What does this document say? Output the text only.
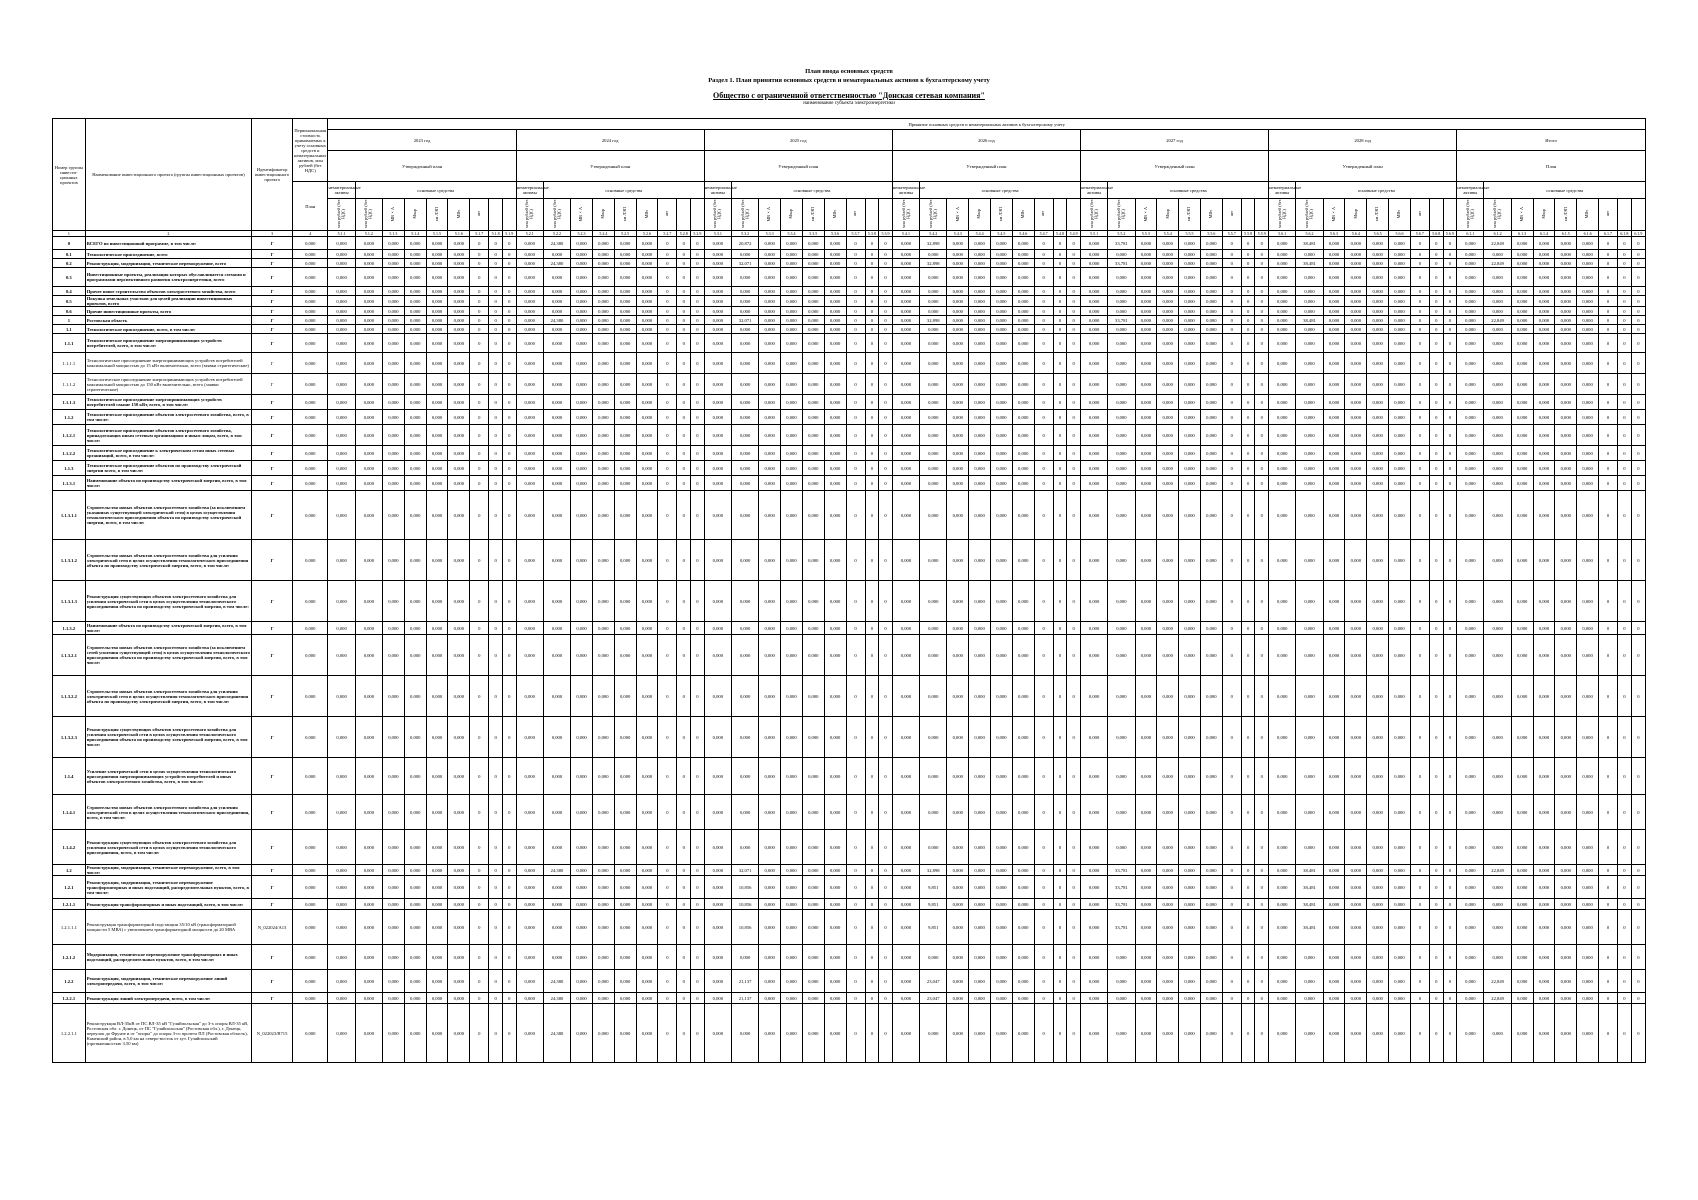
План ввода основных средств
Раздел 1. План принятия основных средств и нематериальных активов к бухгалтерскому учету
Общество с ограниченной ответственностью "Донская сетевая компания"
наименование субъекта электроэнергетики
Номер группы инвести-ционных проектов	Наименование инвестиционного проекта (группы инвестиционных проектов)	Идентификатор инвестиционного проекта	Первоначальная стоимость принимаемых к учету основных средств и нематериальных активов, млн рублей (без НДС)	Принятие основных средств и нематериальных активов к бухгалтерскому учету
2023 год	2024 год	2025 год	2026 год	2027 год	2028 год	Итого
Утвержденный план	Утвержденный план	Утвержденный план	Утвержденный план	Утвержденный план	Утвержденный план	План
План	нематериальные активы	основные средства	нематериальные активы	основные средства	нематериальные активы	основные средства	нематериальные активы	основные средства	нематериальные активы	основные средства	нематериальные активы	основные средства	нематериальные активы	основные средства
млн рублей (без НДС)	млн рублей (без НДС)	МВ×А	Мвар	км ЛЭП	МВт	шт			млн рублей (без НДС)	млн рублей (без НДС)	МВ×А	Мвар	км ЛЭП	МВт	шт			млн рублей (без НДС)	млн рублей (без НДС)	МВ×А	Мвар	км ЛЭП	МВт	шт			млн рублей (без НДС)	млн рублей (без НДС)	МВ×А	Мвар	км ЛЭП	МВт	шт			млн рублей (без НДС)	млн рублей (без НДС)	МВ×А	Мвар	км ЛЭП	МВт	шт			млн рублей (без НДС)	млн рублей (без НДС)	МВ×А	Мвар	км ЛЭП	МВт	шт			млн рублей (без НДС)	млн рублей (без НДС)	МВ×А	Мвар	км ЛЭП	МВт	шт		
1	2	3	4	5.1.1	5.1.2	5.1.3	5.1.4	5.1.5	5.1.6	5.1.7	5.1.8	5.1.9	5.2.1	5.2.2	5.2.3	5.2.4	5.2.5	5.2.6	5.2.7	5.2.8	5.2.9	5.3.1	5.3.2	5.3.3	5.3.4	5.3.5	5.3.6	5.3.7	5.3.8	5.3.9	5.4.1	5.4.2	5.4.3	5.4.4	5.4.5	5.4.6	5.4.7	5.4.8	5.4.9	5.5.1	5.5.2	5.5.3	5.5.4	5.5.5	5.5.6	5.5.7	5.5.8	5.5.9	5.6.1	5.6.2	5.6.3	5.6.4	5.6.5	5.6.6	5.6.7	5.6.8	5.6.9	6.1.1	6.1.2	6.1.3	6.1.4	6.1.5	6.1.6	6.1.7	6.1.8	6.1.9
0	ВСЕГО по инвестиционной программе, в том числе:	Г	0,000	0,000	0,000	0,000	0,000	0,000	0,000	0	0	0	0,000	24,380	0,000	0,000	0,000	0,000	0	0	0	0,000	20,872	0,000	0,000	0,000	0,000	0	0	0	0,000	32,898	0,000	0,000	0,000	0,000	0	0	0	0,000	33,781	0,000	0,000	0,000	0,000	0	0	0	0,000	38,481	0,000	0,000	0,000	0,000	0	0	0	0,000	22,849	0,000	0,000	0,000	0,000	0	0	0
0.1	Технологическое присоединение, всего	Г	0,000	0,000	0,000	0,000	0,000	0,000	0,000	0	0	0	0,000	0,000	0,000	0,000	0,000	0,000	0	0	0	0,000	0,000	0,000	0,000	0,000	0,000	0	0	0	0,000	0,000	0,000	0,000	0,000	0,000	0	0	0	0,000	0,000	0,000	0,000	0,000	0,000	0	0	0	0,000	0,000	0,000	0,000	0,000	0,000	0	0	0	0,000	0,000	0,000	0,000	0,000	0,000	0	0	0
0.2	Реконструкция, модернизация, техническое перевооружение, всего	Г	0,000	0,000	0,000	0,000	0,000	0,000	0,000	0	0	0	0,000	24,380	0,000	0,000	0,000	0,000	0	0	0	0,000	32,071	0,000	0,000	0,000	0,000	0	0	0	0,000	32,898	0,000	0,000	0,000	0,000	0	0	0	0,000	33,781	0,000	0,000	0,000	0,000	0	0	0	0,000	38,481	0,000	0,000	0,000	0,000	0	0	0	0,000	22,849	0,000	0,000	0,000	0,000	0	0	0
0.3	Инвестиционные проекты, реализация которых обуславливается схемами и программами перспективного развития электроэнергетики, всего	Г	0,000	0,000	0,000	0,000	0,000	0,000	0,000	0	0	0	0,000	0,000	0,000	0,000	0,000	0,000	0	0	0	0,000	0,000	0,000	0,000	0,000	0,000	0	0	0	0,000	0,000	0,000	0,000	0,000	0,000	0	0	0	0,000	0,000	0,000	0,000	0,000	0,000	0	0	0	0,000	0,000	0,000	0,000	0,000	0,000	0	0	0	0,000	0,000	0,000	0,000	0,000	0,000	0	0	0
0.4	Прочее новое строительство объектов электросетевого хозяйства, всего	Г	0,000	0,000	0,000	0,000	0,000	0,000	0,000	0	0	0	0,000	0,000	0,000	0,000	0,000	0,000	0	0	0	0,000	0,000	0,000	0,000	0,000	0,000	0	0	0	0,000	0,000	0,000	0,000	0,000	0,000	0	0	0	0,000	0,000	0,000	0,000	0,000	0,000	0	0	0	0,000	0,000	0,000	0,000	0,000	0,000	0	0	0	0,000	0,000	0,000	0,000	0,000	0,000	0	0	0
0.5	Покупка земельных участков для целей реализации инвестиционных проектов, всего	Г	0,000	0,000	0,000	0,000	0,000	0,000	0,000	0	0	0	0,000	0,000	0,000	0,000	0,000	0,000	0	0	0	0,000	0,000	0,000	0,000	0,000	0,000	0	0	0	0,000	0,000	0,000	0,000	0,000	0,000	0	0	0	0,000	0,000	0,000	0,000	0,000	0,000	0	0	0	0,000	0,000	0,000	0,000	0,000	0,000	0	0	0	0,000	0,000	0,000	0,000	0,000	0,000	0	0	0
0.6	Прочие инвестиционные проекты, всего	Г	0,000	0,000	0,000	0,000	0,000	0,000	0,000	0	0	0	0,000	0,000	0,000	0,000	0,000	0,000	0	0	0	0,000	0,000	0,000	0,000	0,000	0,000	0	0	0	0,000	0,000	0,000	0,000	0,000	0,000	0	0	0	0,000	0,000	0,000	0,000	0,000	0,000	0	0	0	0,000	0,000	0,000	0,000	0,000	0,000	0	0	0	0,000	0,000	0,000	0,000	0,000	0,000	0	0	0
1	Ростовская область	Г	0,000	0,000	0,000	0,000	0,000	0,000	0,000	0	0	0	0,000	24,380	0,000	0,000	0,000	0,000	0	0	0	0,000	32,071	0,000	0,000	0,000	0,000	0	0	0	0,000	32,898	0,000	0,000	0,000	0,000	0	0	0	0,000	33,781	0,000	0,000	0,000	0,000	0	0	0	0,000	38,481	0,000	0,000	0,000	0,000	0	0	0	0,000	22,849	0,000	0,000	0,000	0,000	0	0	0
1.1	Технологическое присоединение, всего, в том числе:	Г	0,000	0,000	0,000	0,000	0,000	0,000	0,000	0	0	0	0,000	0,000	0,000	0,000	0,000	0,000	0	0	0	0,000	0,000	0,000	0,000	0,000	0,000	0	0	0	0,000	0,000	0,000	0,000	0,000	0,000	0	0	0	0,000	0,000	0,000	0,000	0,000	0,000	0	0	0	0,000	0,000	0,000	0,000	0,000	0,000	0	0	0	0,000	0,000	0,000	0,000	0,000	0,000	0	0	0
1.1.1	Технологическое присоединение энергопринимающих устройств потребителей, всего, в том числе:	Г	0,000	0,000	0,000	0,000	0,000	0,000	0,000	0	0	0	0,000	0,000	0,000	0,000	0,000	0,000	0	0	0	0,000	0,000	0,000	0,000	0,000	0,000	0	0	0	0,000	0,000	0,000	0,000	0,000	0,000	0	0	0	0,000	0,000	0,000	0,000	0,000	0,000	0	0	0	0,000	0,000	0,000	0,000	0,000	0,000	0	0	0	0,000	0,000	0,000	0,000	0,000	0,000	0	0	0
1.1.1.1	Технологическое присоединение энергопринимающих устройств потребителей максимальной мощностью до 15 кВт включительно, всего (заявки стратегические)	Г	0,000	0,000	0,000	0,000	0,000	0,000	0,000	0	0	0	0,000	0,000	0,000	0,000	0,000	0,000	0	0	0	0,000	0,000	0,000	0,000	0,000	0,000	0	0	0	0,000	0,000	0,000	0,000	0,000	0,000	0	0	0	0,000	0,000	0,000	0,000	0,000	0,000	0	0	0	0,000	0,000	0,000	0,000	0,000	0,000	0	0	0	0,000	0,000	0,000	0,000	0,000	0,000	0	0	0
1.1.1.2	Технологическое присоединение энергопринимающих устройств потребителей максимальной мощностью до 150 кВт включительно, всего (заявки стратегические)	Г	0,000	0,000	0,000	0,000	0,000	0,000	0,000	0	0	0	0,000	0,000	0,000	0,000	0,000	0,000	0	0	0	0,000	0,000	0,000	0,000	0,000	0,000	0	0	0	0,000	0,000	0,000	0,000	0,000	0,000	0	0	0	0,000	0,000	0,000	0,000	0,000	0,000	0	0	0	0,000	0,000	0,000	0,000	0,000	0,000	0	0	0	0,000	0,000	0,000	0,000	0,000	0,000	0	0	0
1.1.1.3	Технологическое присоединение энергопринимающих устройств потребителей свыше 150 кВт, всего, в том числе:	Г	0,000	0,000	0,000	0,000	0,000	0,000	0,000	0	0	0	0,000	0,000	0,000	0,000	0,000	0,000	0	0	0	0,000	0,000	0,000	0,000	0,000	0,000	0	0	0	0,000	0,000	0,000	0,000	0,000	0,000	0	0	0	0,000	0,000	0,000	0,000	0,000	0,000	0	0	0	0,000	0,000	0,000	0,000	0,000	0,000	0	0	0	0,000	0,000	0,000	0,000	0,000	0,000	0	0	0
1.1.2	Технологическое присоединение объектов электросетевого хозяйства, всего, в том числе:	Г	0,000	0,000	0,000	0,000	0,000	0,000	0,000	0	0	0	0,000	0,000	0,000	0,000	0,000	0,000	0	0	0	0,000	0,000	0,000	0,000	0,000	0,000	0	0	0	0,000	0,000	0,000	0,000	0,000	0,000	0	0	0	0,000	0,000	0,000	0,000	0,000	0,000	0	0	0	0,000	0,000	0,000	0,000	0,000	0,000	0	0	0	0,000	0,000	0,000	0,000	0,000	0,000	0	0	0
1.1.2.1	Технологическое присоединение объектов электросетевого хозяйства, принадлежащих иным сетевым организациям и иным лицам, всего, в том числе:	Г	0,000	0,000	0,000	0,000	0,000	0,000	0,000	0	0	0	0,000	0,000	0,000	0,000	0,000	0,000	0	0	0	0,000	0,000	0,000	0,000	0,000	0,000	0	0	0	0,000	0,000	0,000	0,000	0,000	0,000	0	0	0	0,000	0,000	0,000	0,000	0,000	0,000	0	0	0	0,000	0,000	0,000	0,000	0,000	0,000	0	0	0	0,000	0,000	0,000	0,000	0,000	0,000	0	0	0
1.1.2.2	Технологическое присоединение к электрическим сетям иных сетевых организаций, всего, в том числе:	Г	0,000	0,000	0,000	0,000	0,000	0,000	0,000	0	0	0	0,000	0,000	0,000	0,000	0,000	0,000	0	0	0	0,000	0,000	0,000	0,000	0,000	0,000	0	0	0	0,000	0,000	0,000	0,000	0,000	0,000	0	0	0	0,000	0,000	0,000	0,000	0,000	0,000	0	0	0	0,000	0,000	0,000	0,000	0,000	0,000	0	0	0	0,000	0,000	0,000	0,000	0,000	0,000	0	0	0
1.1.3	Технологическое присоединение объектов по производству электрической энергии всего, в том числе:	Г	0,000	0,000	0,000	0,000	0,000	0,000	0,000	0	0	0	0,000	0,000	0,000	0,000	0,000	0,000	0	0	0	0,000	0,000	0,000	0,000	0,000	0,000	0	0	0	0,000	0,000	0,000	0,000	0,000	0,000	0	0	0	0,000	0,000	0,000	0,000	0,000	0,000	0	0	0	0,000	0,000	0,000	0,000	0,000	0,000	0	0	0	0,000	0,000	0,000	0,000	0,000	0,000	0	0	0
1.1.3.1	Наименование объекта по производству электрической энергии, всего, в том числе:	Г	0,000	0,000	0,000	0,000	0,000	0,000	0,000	0	0	0	0,000	0,000	0,000	0,000	0,000	0,000	0	0	0	0,000	0,000	0,000	0,000	0,000	0,000	0	0	0	0,000	0,000	0,000	0,000	0,000	0,000	0	0	0	0,000	0,000	0,000	0,000	0,000	0,000	0	0	0	0,000	0,000	0,000	0,000	0,000	0,000	0	0	0	0,000	0,000	0,000	0,000	0,000	0,000	0	0	0
1.1.3.1.1	Строительство новых объектов электросетевого хозяйства (за исключением указанных существующей электрической сети) в целях осуществления технологического присоединения объекта по производству электрической энергии, всего, в том числе:	Г	0,000	0,000	0,000	0,000	0,000	0,000	0,000	0	0	0	0,000	0,000	0,000	0,000	0,000	0,000	0	0	0	0,000	0,000	0,000	0,000	0,000	0,000	0	0	0	0,000	0,000	0,000	0,000	0,000	0,000	0	0	0	0,000	0,000	0,000	0,000	0,000	0,000	0	0	0	0,000	0,000	0,000	0,000	0,000	0,000	0	0	0	0,000	0,000	0,000	0,000	0,000	0,000	0	0	0
1.1.3.1.2	Строительство новых объектов электросетевого хозяйства для усиления электрической сети в целях осуществления технологического присоединения объекта по производству электрической энергии, всего, в том числе:	Г	0,000	0,000	0,000	0,000	0,000	0,000	0,000	0	0	0	0,000	0,000	0,000	0,000	0,000	0,000	0	0	0	0,000	0,000	0,000	0,000	0,000	0,000	0	0	0	0,000	0,000	0,000	0,000	0,000	0,000	0	0	0	0,000	0,000	0,000	0,000	0,000	0,000	0	0	0	0,000	0,000	0,000	0,000	0,000	0,000	0	0	0	0,000	0,000	0,000	0,000	0,000	0,000	0	0	0
1.1.3.1.3	Реконструкция существующих объектов электросетевого хозяйства для усиления электрической сети в целях осуществления технологического присоединения объекта по производству электрической энергии, в том числе:	Г	0,000	0,000	0,000	0,000	0,000	0,000	0,000	0	0	0	0,000	0,000	0,000	0,000	0,000	0,000	0	0	0	0,000	0,000	0,000	0,000	0,000	0,000	0	0	0	0,000	0,000	0,000	0,000	0,000	0,000	0	0	0	0,000	0,000	0,000	0,000	0,000	0,000	0	0	0	0,000	0,000	0,000	0,000	0,000	0,000	0	0	0	0,000	0,000	0,000	0,000	0,000	0,000	0	0	0
1.1.3.2	Наименование объекта по производству электрической энергии, всего, в том числе:	Г	0,000	0,000	0,000	0,000	0,000	0,000	0,000	0	0	0	0,000	0,000	0,000	0,000	0,000	0,000	0	0	0	0,000	0,000	0,000	0,000	0,000	0,000	0	0	0	0,000	0,000	0,000	0,000	0,000	0,000	0	0	0	0,000	0,000	0,000	0,000	0,000	0,000	0	0	0	0,000	0,000	0,000	0,000	0,000	0,000	0	0	0	0,000	0,000	0,000	0,000	0,000	0,000	0	0	0
1.1.3.2.1	Строительство новых объектов электросетевого хозяйства (за исключением сетей усиления существующей сети) в целях осуществления технологического присоединения объекта по производству электрической энергии, всего, в том числе:	Г	0,000	0,000	0,000	0,000	0,000	0,000	0,000	0	0	0	0,000	0,000	0,000	0,000	0,000	0,000	0	0	0	0,000	0,000	0,000	0,000	0,000	0,000	0	0	0	0,000	0,000	0,000	0,000	0,000	0,000	0	0	0	0,000	0,000	0,000	0,000	0,000	0,000	0	0	0	0,000	0,000	0,000	0,000	0,000	0,000	0	0	0	0,000	0,000	0,000	0,000	0,000	0,000	0	0	0
1.1.3.2.2	Строительство новых объектов электросетевого хозяйства для усиления электрической сети в целях осуществления технологического присоединения объекта по производству электрической энергии, всего, в том числе:	Г	0,000	0,000	0,000	0,000	0,000	0,000	0,000	0	0	0	0,000	0,000	0,000	0,000	0,000	0,000	0	0	0	0,000	0,000	0,000	0,000	0,000	0,000	0	0	0	0,000	0,000	0,000	0,000	0,000	0,000	0	0	0	0,000	0,000	0,000	0,000	0,000	0,000	0	0	0	0,000	0,000	0,000	0,000	0,000	0,000	0	0	0	0,000	0,000	0,000	0,000	0,000	0,000	0	0	0
1.1.3.2.3	Реконструкция существующих объектов электросетевого хозяйства для усиления электрической сети в целях осуществления технологического присоединения объекта по производству электрической энергии, всего, в том числе:	Г	0,000	0,000	0,000	0,000	0,000	0,000	0,000	0	0	0	0,000	0,000	0,000	0,000	0,000	0,000	0	0	0	0,000	0,000	0,000	0,000	0,000	0,000	0	0	0	0,000	0,000	0,000	0,000	0,000	0,000	0	0	0	0,000	0,000	0,000	0,000	0,000	0,000	0	0	0	0,000	0,000	0,000	0,000	0,000	0,000	0	0	0	0,000	0,000	0,000	0,000	0,000	0,000	0	0	0
1.1.4	Усиление электрической сети в целях осуществления технологического присоединения энергопринимающих устройств потребителей и иных объектов электросетевого хозяйства, всего, в том числе:	Г	0,000	0,000	0,000	0,000	0,000	0,000	0,000	0	0	0	0,000	0,000	0,000	0,000	0,000	0,000	0	0	0	0,000	0,000	0,000	0,000	0,000	0,000	0	0	0	0,000	0,000	0,000	0,000	0,000	0,000	0	0	0	0,000	0,000	0,000	0,000	0,000	0,000	0	0	0	0,000	0,000	0,000	0,000	0,000	0,000	0	0	0	0,000	0,000	0,000	0,000	0,000	0,000	0	0	0
1.1.4.1	Строительство новых объектов электросетевого хозяйства для усиления электрической сети в целях осуществления технологического присоединения, всего, в том числе:	Г	0,000	0,000	0,000	0,000	0,000	0,000	0,000	0	0	0	0,000	0,000	0,000	0,000	0,000	0,000	0	0	0	0,000	0,000	0,000	0,000	0,000	0,000	0	0	0	0,000	0,000	0,000	0,000	0,000	0,000	0	0	0	0,000	0,000	0,000	0,000	0,000	0,000	0	0	0	0,000	0,000	0,000	0,000	0,000	0,000	0	0	0	0,000	0,000	0,000	0,000	0,000	0,000	0	0	0
1.1.4.2	Реконструкция существующих объектов электросетевого хозяйства для усиления электрической сети в целях осуществления технологического присоединения, всего, в том числе:	Г	0,000	0,000	0,000	0,000	0,000	0,000	0,000	0	0	0	0,000	0,000	0,000	0,000	0,000	0,000	0	0	0	0,000	0,000	0,000	0,000	0,000	0,000	0	0	0	0,000	0,000	0,000	0,000	0,000	0,000	0	0	0	0,000	0,000	0,000	0,000	0,000	0,000	0	0	0	0,000	0,000	0,000	0,000	0,000	0,000	0	0	0	0,000	0,000	0,000	0,000	0,000	0,000	0	0	0
1.2	Реконструкция, модернизация, техническое перевооружение, всего, в том числе:	Г	0,000	0,000	0,000	0,000	0,000	0,000	0,000	0	0	0	0,000	24,380	0,000	0,000	0,000	0,000	0	0	0	0,000	32,071	0,000	0,000	0,000	0,000	0	0	0	0,000	32,898	0,000	0,000	0,000	0,000	0	0	0	0,000	33,781	0,000	0,000	0,000	0,000	0	0	0	0,000	38,481	0,000	0,000	0,000	0,000	0	0	0	0,000	22,849	0,000	0,000	0,000	0,000	0	0	0
1.2.1	Реконструкция, модернизация, техническое перевооружение трансформаторных и иных подстанций, распределительных пунктов, всего, в том числе:	Г	0,000	0,000	0,000	0,000	0,000	0,000	0,000	0	0	0	0,000	0,000	0,000	0,000	0,000	0,000	0	0	0	0,000	10,856	0,000	0,000	0,000	0,000	0	0	0	0,000	9,851	0,000	0,000	0,000	0,000	0	0	0	0,000	33,781	0,000	0,000	0,000	0,000	0	0	0	0,000	38,481	0,000	0,000	0,000	0,000	0	0	0	0,000	0,000	0,000	0,000	0,000	0,000	0	0	0
1.2.1.1	Реконструкция трансформаторных и иных подстанций, всего, в том числе:	Г	0,000	0,000	0,000	0,000	0,000	0,000	0,000	0	0	0	0,000	0,000	0,000	0,000	0,000	0,000	0	0	0	0,000	10,856	0,000	0,000	0,000	0,000	0	0	0	0,000	9,851	0,000	0,000	0,000	0,000	0	0	0	0,000	33,781	0,000	0,000	0,000	0,000	0	0	0	0,000	38,481	0,000	0,000	0,000	0,000	0	0	0	0,000	0,000	0,000	0,000	0,000	0,000	0	0	0
1.2.1.1.1	Реконструкция трансформаторной подстанции 35/10 кВ (трансформаторной мощности 5 МВА) с увеличением трансформаторной мощности до 20 МВА	N_022024/A13	0,000	0,000	0,000	0,000	0,000	0,000	0,000	0	0	0	0,000	0,000	0,000	0,000	0,000	0,000	0	0	0	0,000	10,856	0,000	0,000	0,000	0,000	0	0	0	0,000	9,851	0,000	0,000	0,000	0,000	0	0	0	0,000	33,781	0,000	0,000	0,000	0,000	0	0	0	0,000	38,481	0,000	0,000	0,000	0,000	0	0	0	0,000	0,000	0,000	0,000	0,000	0,000	0	0	0
1.2.1.2	Модернизация, техническое перевооружение трансформаторных и иных подстанций, распределительных пунктов, всего, в том числе:	Г	0,000	0,000	0,000	0,000	0,000	0,000	0,000	0	0	0	0,000	0,000	0,000	0,000	0,000	0,000	0	0	0	0,000	0,000	0,000	0,000	0,000	0,000	0	0	0	0,000	0,000	0,000	0,000	0,000	0,000	0	0	0	0,000	0,000	0,000	0,000	0,000	0,000	0	0	0	0,000	0,000	0,000	0,000	0,000	0,000	0	0	0	0,000	0,000	0,000	0,000	0,000	0,000	0	0	0
1.2.2	Реконструкция, модернизация, техническое перевооружение линий электропередачи, всего, в том числе:	Г	0,000	0,000	0,000	0,000	0,000	0,000	0,000	0	0	0	0,000	24,380	0,000	0,000	0,000	0,000	0	0	0	0,000	21,137	0,000	0,000	0,000	0,000	0	0	0	0,000	23,047	0,000	0,000	0,000	0,000	0	0	0	0,000	0,000	0,000	0,000	0,000	0,000	0	0	0	0,000	0,000	0,000	0,000	0,000	0,000	0	0	0	0,000	22,849	0,000	0,000	0,000	0,000	0	0	0
1.2.2.1	Реконструкция линий электропередачи, всего, в том числе:	Г	0,000	0,000	0,000	0,000	0,000	0,000	0,000	0	0	0	0,000	24,380	0,000	0,000	0,000	0,000	0	0	0	0,000	21,137	0,000	0,000	0,000	0,000	0	0	0	0,000	23,047	0,000	0,000	0,000	0,000	0	0	0	0,000	0,000	0,000	0,000	0,000	0,000	0	0	0	0,000	0,000	0,000	0,000	0,000	0,000	0	0	0	0,000	22,849	0,000	0,000	0,000	0,000	0	0	0
1.2.2.1.1	Реконструкция ВЛ-35кВ от ПС ВЛ-35 кВ "Гуляйпольская" до 3-х опоры ВЛ-35 кВ, Ростовская обл. г. Донецк, от ПС "Гуляйпольская" (Ростовская обл.), г. Донецк, переулок до Фрунзе и от "опоры" до опоры 3-го пролета ПЛ (Ростовская область), Каменский район, в 5,0 км на северо-восток от хут. Гуляйпольский (протяженностью 3,50 км)	N_022023/B715	0,000	0,000	0,000	0,000	0,000	0,000	0,000	0	0	0	0,000	24,380	0,000	0,000	0,000	0,000	0	0	0	0,000	0,000	0,000	0,000	0,000	0,000	0	0	0	0,000	0,000	0,000	0,000	0,000	0,000	0	0	0	0,000	0,000	0,000	0,000	0,000	0,000	0	0	0	0,000	0,000	0,000	0,000	0,000	0,000	0	0	0	0,000	0,000	0,000	0,000	0,000	0,000	0	0	0
